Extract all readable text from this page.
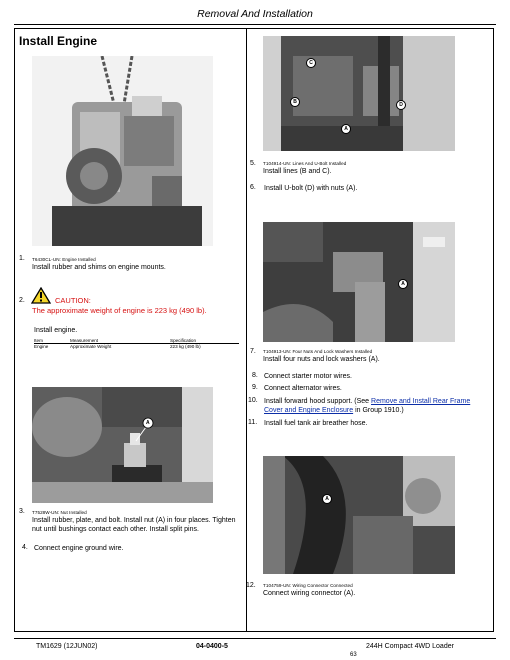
Removal And Installation
Install Engine
1. T6430CL-UN: Engine Installed
Install rubber and shims on engine mounts.
2.	CAUTION:
The approximate weight of engine is 223 kg (490 lb).
Install engine.
Item	Measurement	Specification
Engine	Approximate Weight	223 kg (490 lb)
A
3. T7528W-UN: Nut Installed
Install rubber, plate, and bolt. Install nut (A) in four places. Tighten nut until bushings contact each other. Install split pins.
4. Connect engine ground wire.
C
B	D
A
5. T104914-UN: Lines And U-Bolt Installed
Install lines (B and C).
6. Install U-bolt (D) with nuts (A).
A
7. T104913-UN: Four Nuts And Lock Washers Installed
Install four nuts and lock washers (A).
8. Connect starter motor wires.
9. Connect alternator wires.
10. Install forward hood support. (See Remove and Install Rear Frame Cover and Engine Enclosure in Group 1910.)
11. Install fuel tank air breather hose.
A
12. T104759-UN: Wiring Connector Connected
Connect wiring connector (A).
TM1629 (12JUN02)	04-0400-5	244H Compact 4WD Loader
63
